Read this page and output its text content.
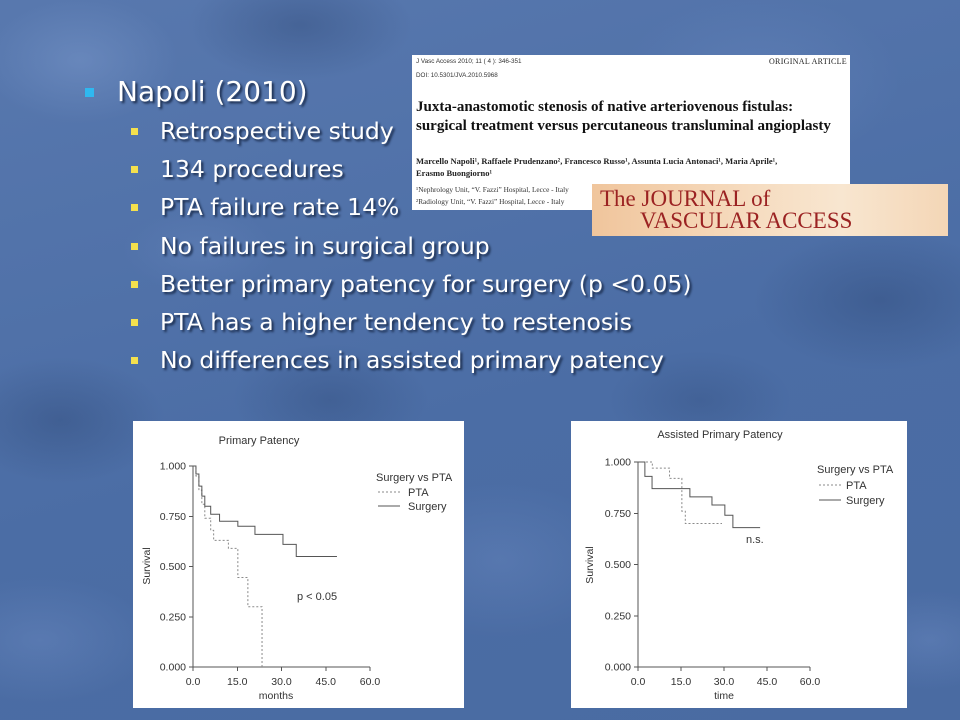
Napoli (2010)
Retrospective study
134 procedures
PTA failure rate 14%
No failures in surgical group
Better primary patency for surgery (p <0.05)
PTA has a higher tendency to restenosis
No differences in assisted primary patency
J Vasc Access 2010; 11 ( 4 ): 346-351
DOI: 10.5301/JVA.2010.5968
ORIGINAL ARTICLE
Juxta-anastomotic stenosis of native arteriovenous fistulas:
surgical treatment versus percutaneous transluminal angioplasty
Marcello Napoli¹, Raffaele Prudenzano², Francesco Russo¹, Assunta Lucia Antonaci¹, Maria Aprile¹,
Erasmo Buongiorno¹
¹Nephrology Unit, “V. Fazzi” Hospital, Lecce - Italy
²Radiology Unit, “V. Fazzi” Hospital, Lecce - Italy The JOURNAL of
VASCULAR ACCESS
Primary Patency
1.000
0.750
0.500
0.250
0.000
0.0	15.0 30.0 45.0 60.0
months
Survival
Surgery vs PTA
PTA
Surgery
p < 0.05
Assisted Primary Patency
1.000
0.750
0.500
0.250
0.000
0.0 15.0 30.0 45.0 60.0
time
Survival
Surgery vs PTA
PTA
Surgery
n.s.
